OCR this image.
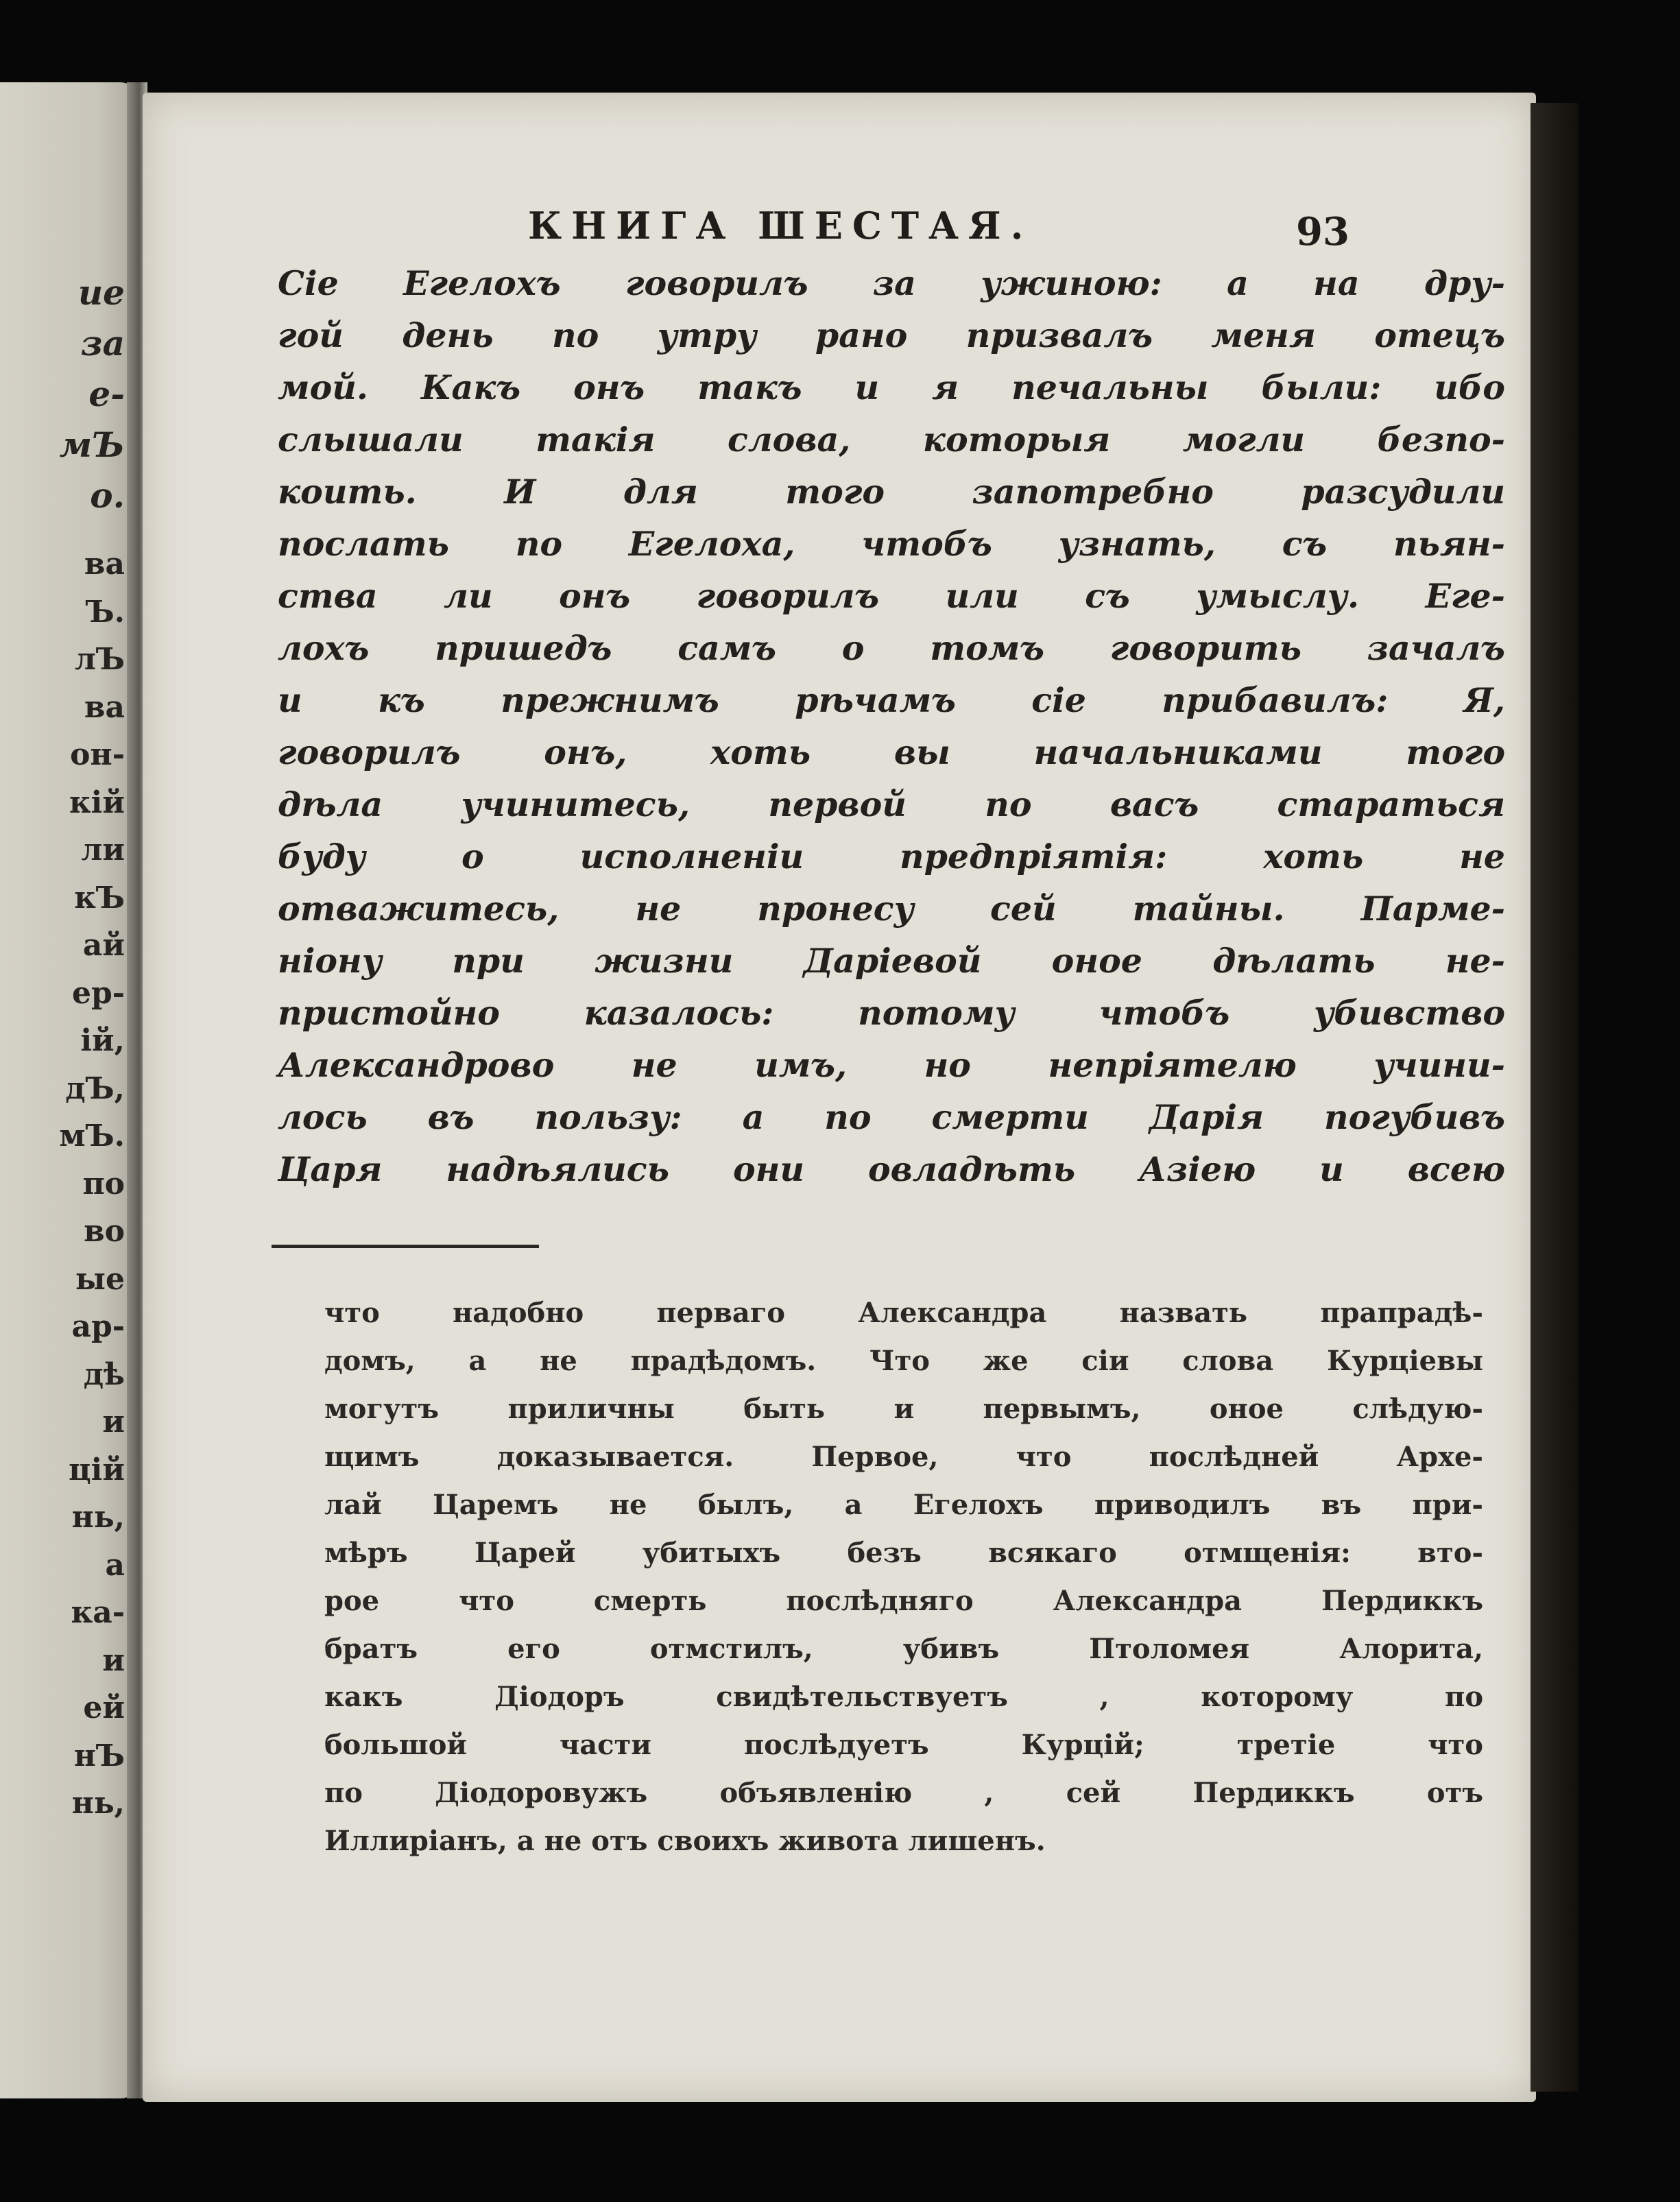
ие
за
е-
мЪ
о.
ва
Ъ.
лЪ
ва
он-
кій
ли
кЪ
ай
ер-
ій,
дЪ,
мЪ.
по
во
ые
ар-
дѣ
и
цій
нь,
а
ка-
и
ей
нЪ
нь,
КНИГА ШЕСТАЯ.	93
Сіе Егелохъ говорилъ за ужиною: а на дру-
гой день по утру рано призвалъ меня отецъ
мой. Какъ онъ такъ и я печальны были: ибо
слышали такія слова, которыя могли безпо-
коить. И для того запотребно разсудили
послать по Егелоха, чтобъ узнать, съ пьян-
ства ли онъ говорилъ или съ умыслу. Еге-
лохъ пришедъ самъ о томъ говорить зачалъ
и къ прежнимъ рѣчамъ сіе прибавилъ: Я,
говорилъ онъ, хоть вы начальниками того
дѣла учинитесь, первой по васъ стараться
буду о исполненіи предпріятія: хоть не
отважитесь, не пронесу сей тайны. Парме-
ніону при жизни Даріевой оное дѣлать не-
пристойно казалось: потому чтобъ убивство
Александрово не имъ, но непріятелю учини-
лось въ пользу: а по смерти Дарія погубивъ
Царя надѣялись они овладѣть Азіею и всею
что надобно перваго Александра назвать прапрадѣ-
домъ, а не прадѣдомъ. Что же сіи слова Курціевы
могутъ приличны быть и первымъ, оное слѣдую-
щимъ доказывается. Первое, что послѣдней Архе-
лай Царемъ не былъ, а Егелохъ приводилъ въ при-
мѣръ Царей убитыхъ безъ всякаго отмщенія: вто-
рое что смерть послѣдняго Александра Пердиккъ
братъ его отмстилъ, убивъ Птоломея Алорита,
какъ Діодоръ свидѣтельствуетъ , которому по
большой части послѣдуетъ Курцій; третіе что
по Діодоровужъ объявленію , сей Пердиккъ отъ
Иллиріанъ, а не отъ своихъ живота лишенъ.
